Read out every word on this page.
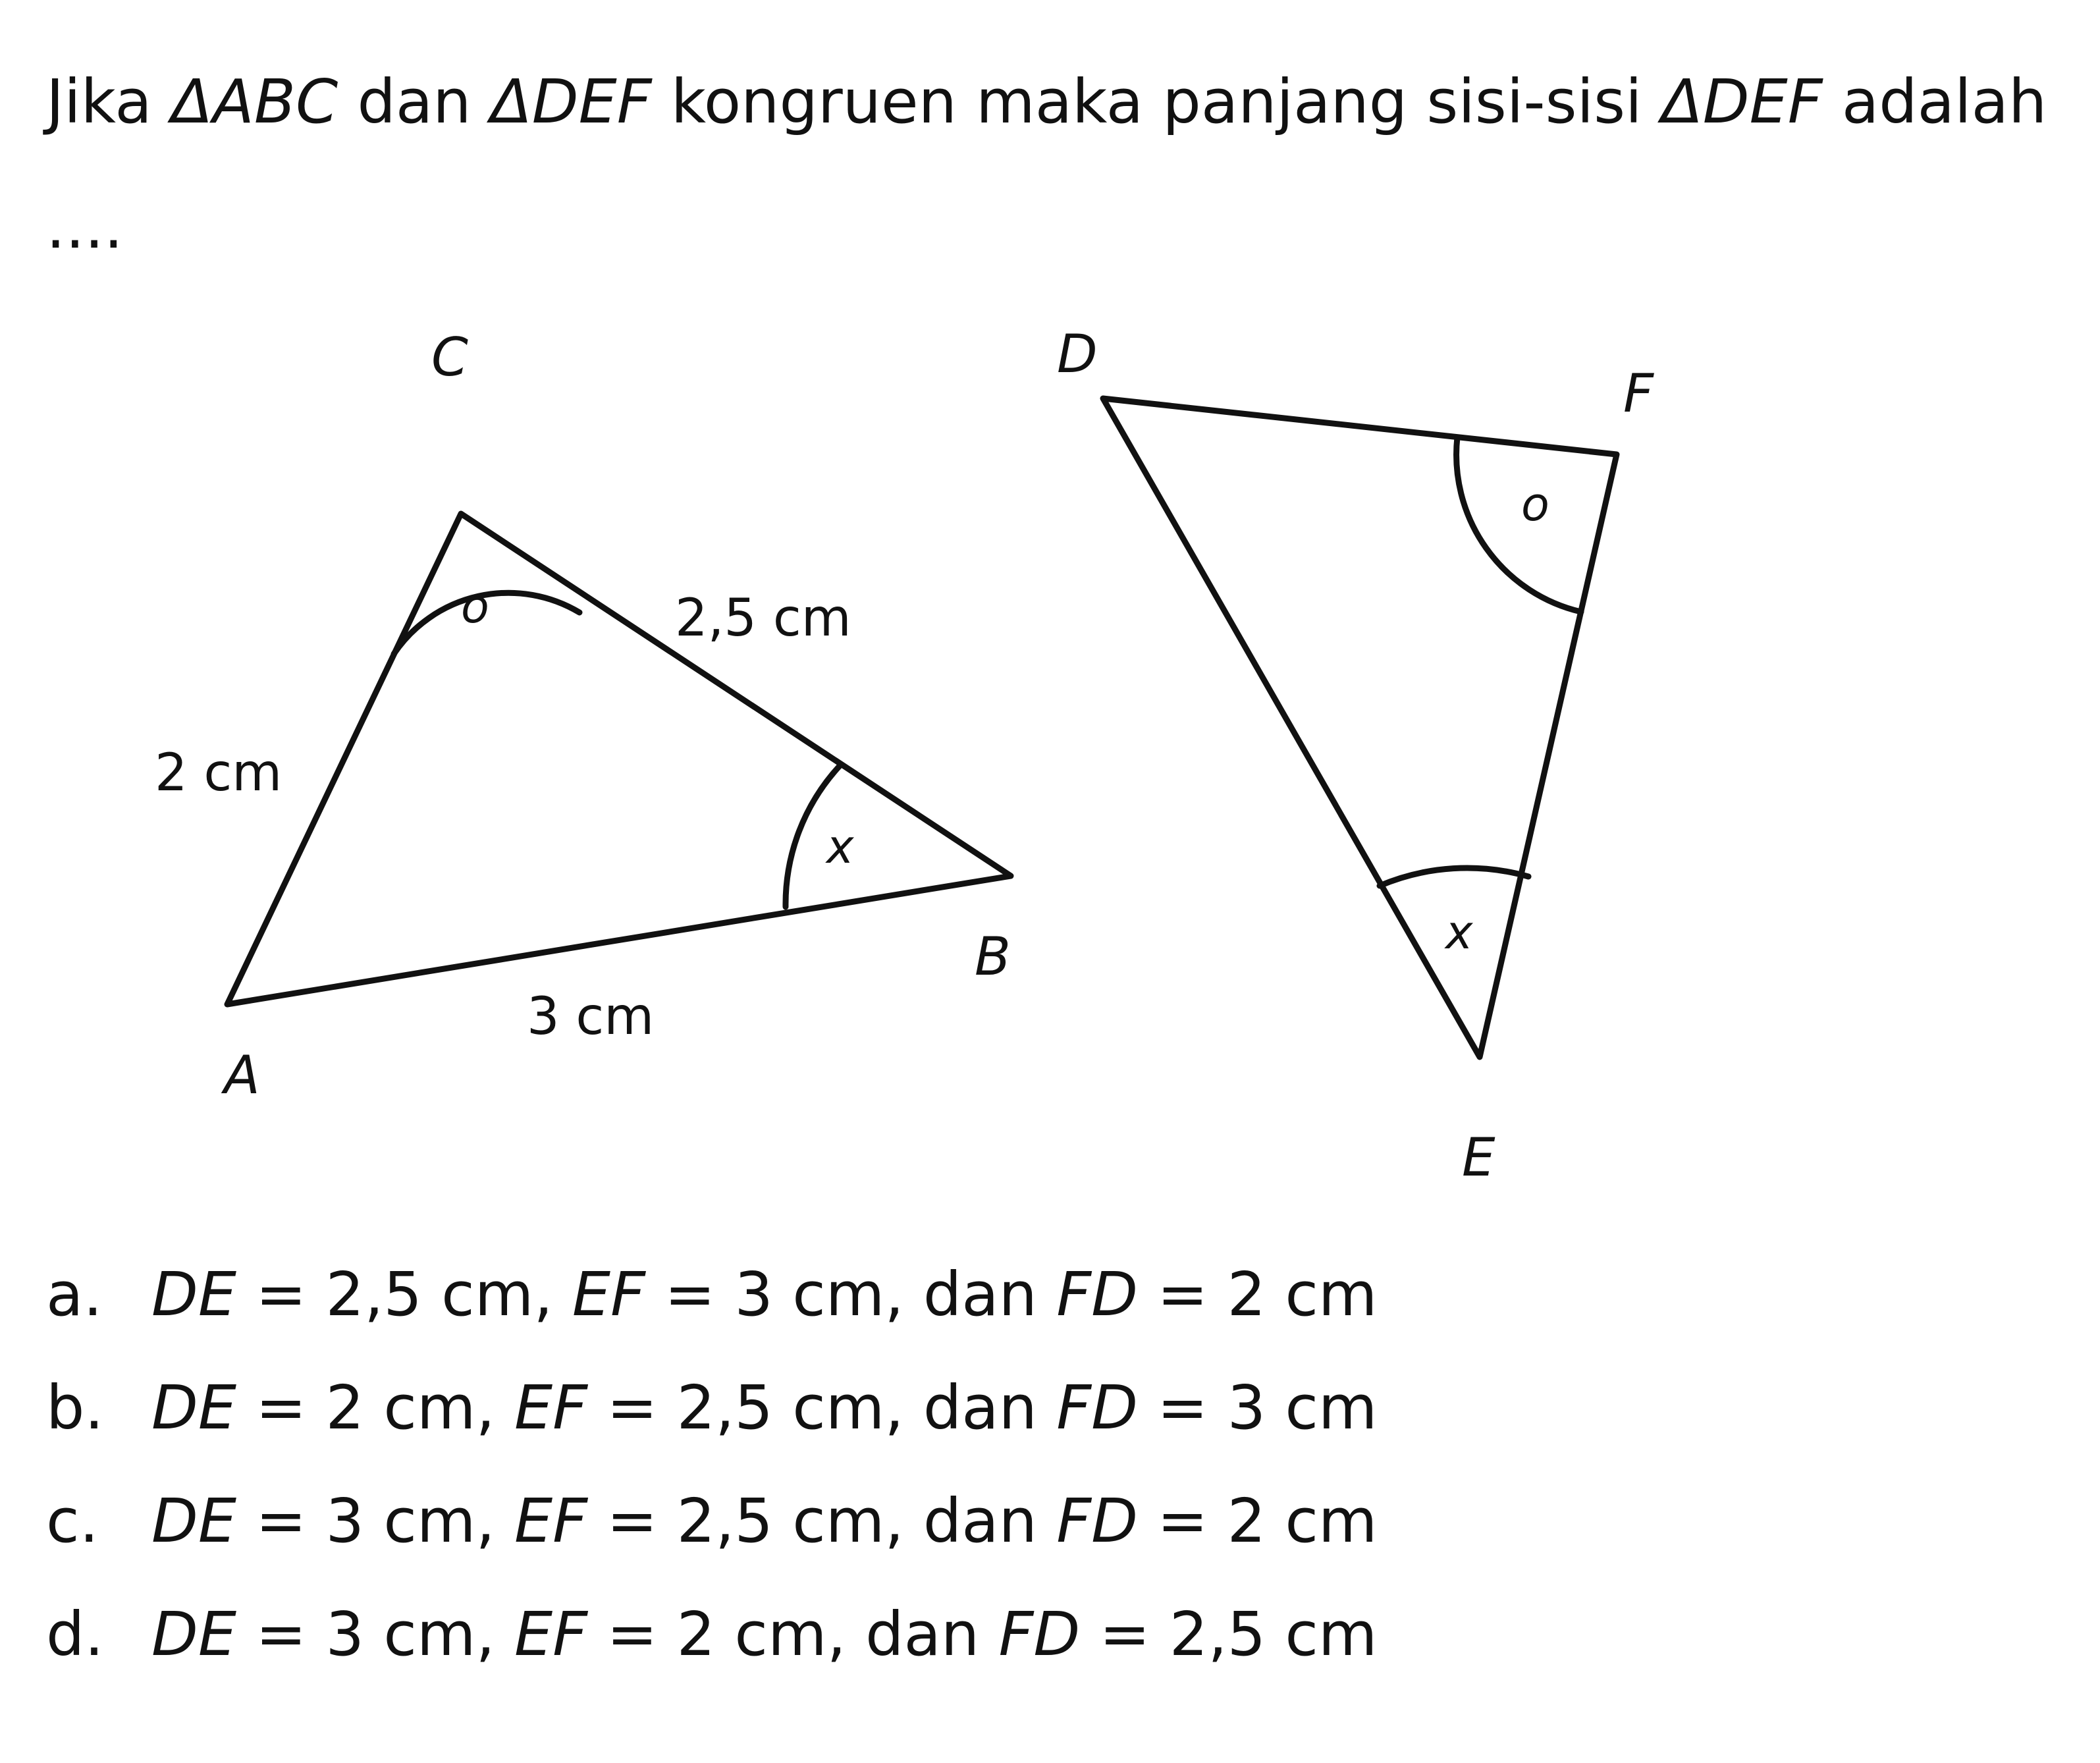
Jika ΔABC dan ΔDEF kongruen maka panjang sisi-sisi ΔDEF adalah ....

C
B
A
D
F
E
2,5 cm
2 cm
3 cm
o
x
o
x
a. DE = 2,5 cm, EF = 3 cm, dan FD = 2 cm
b. DE = 2 cm, EF = 2,5 cm, dan FD = 3 cm
c. DE = 3 cm, EF = 2,5 cm, dan FD = 2 cm
d. DE = 3 cm, EF = 2 cm, dan FD = 2,5 cm
